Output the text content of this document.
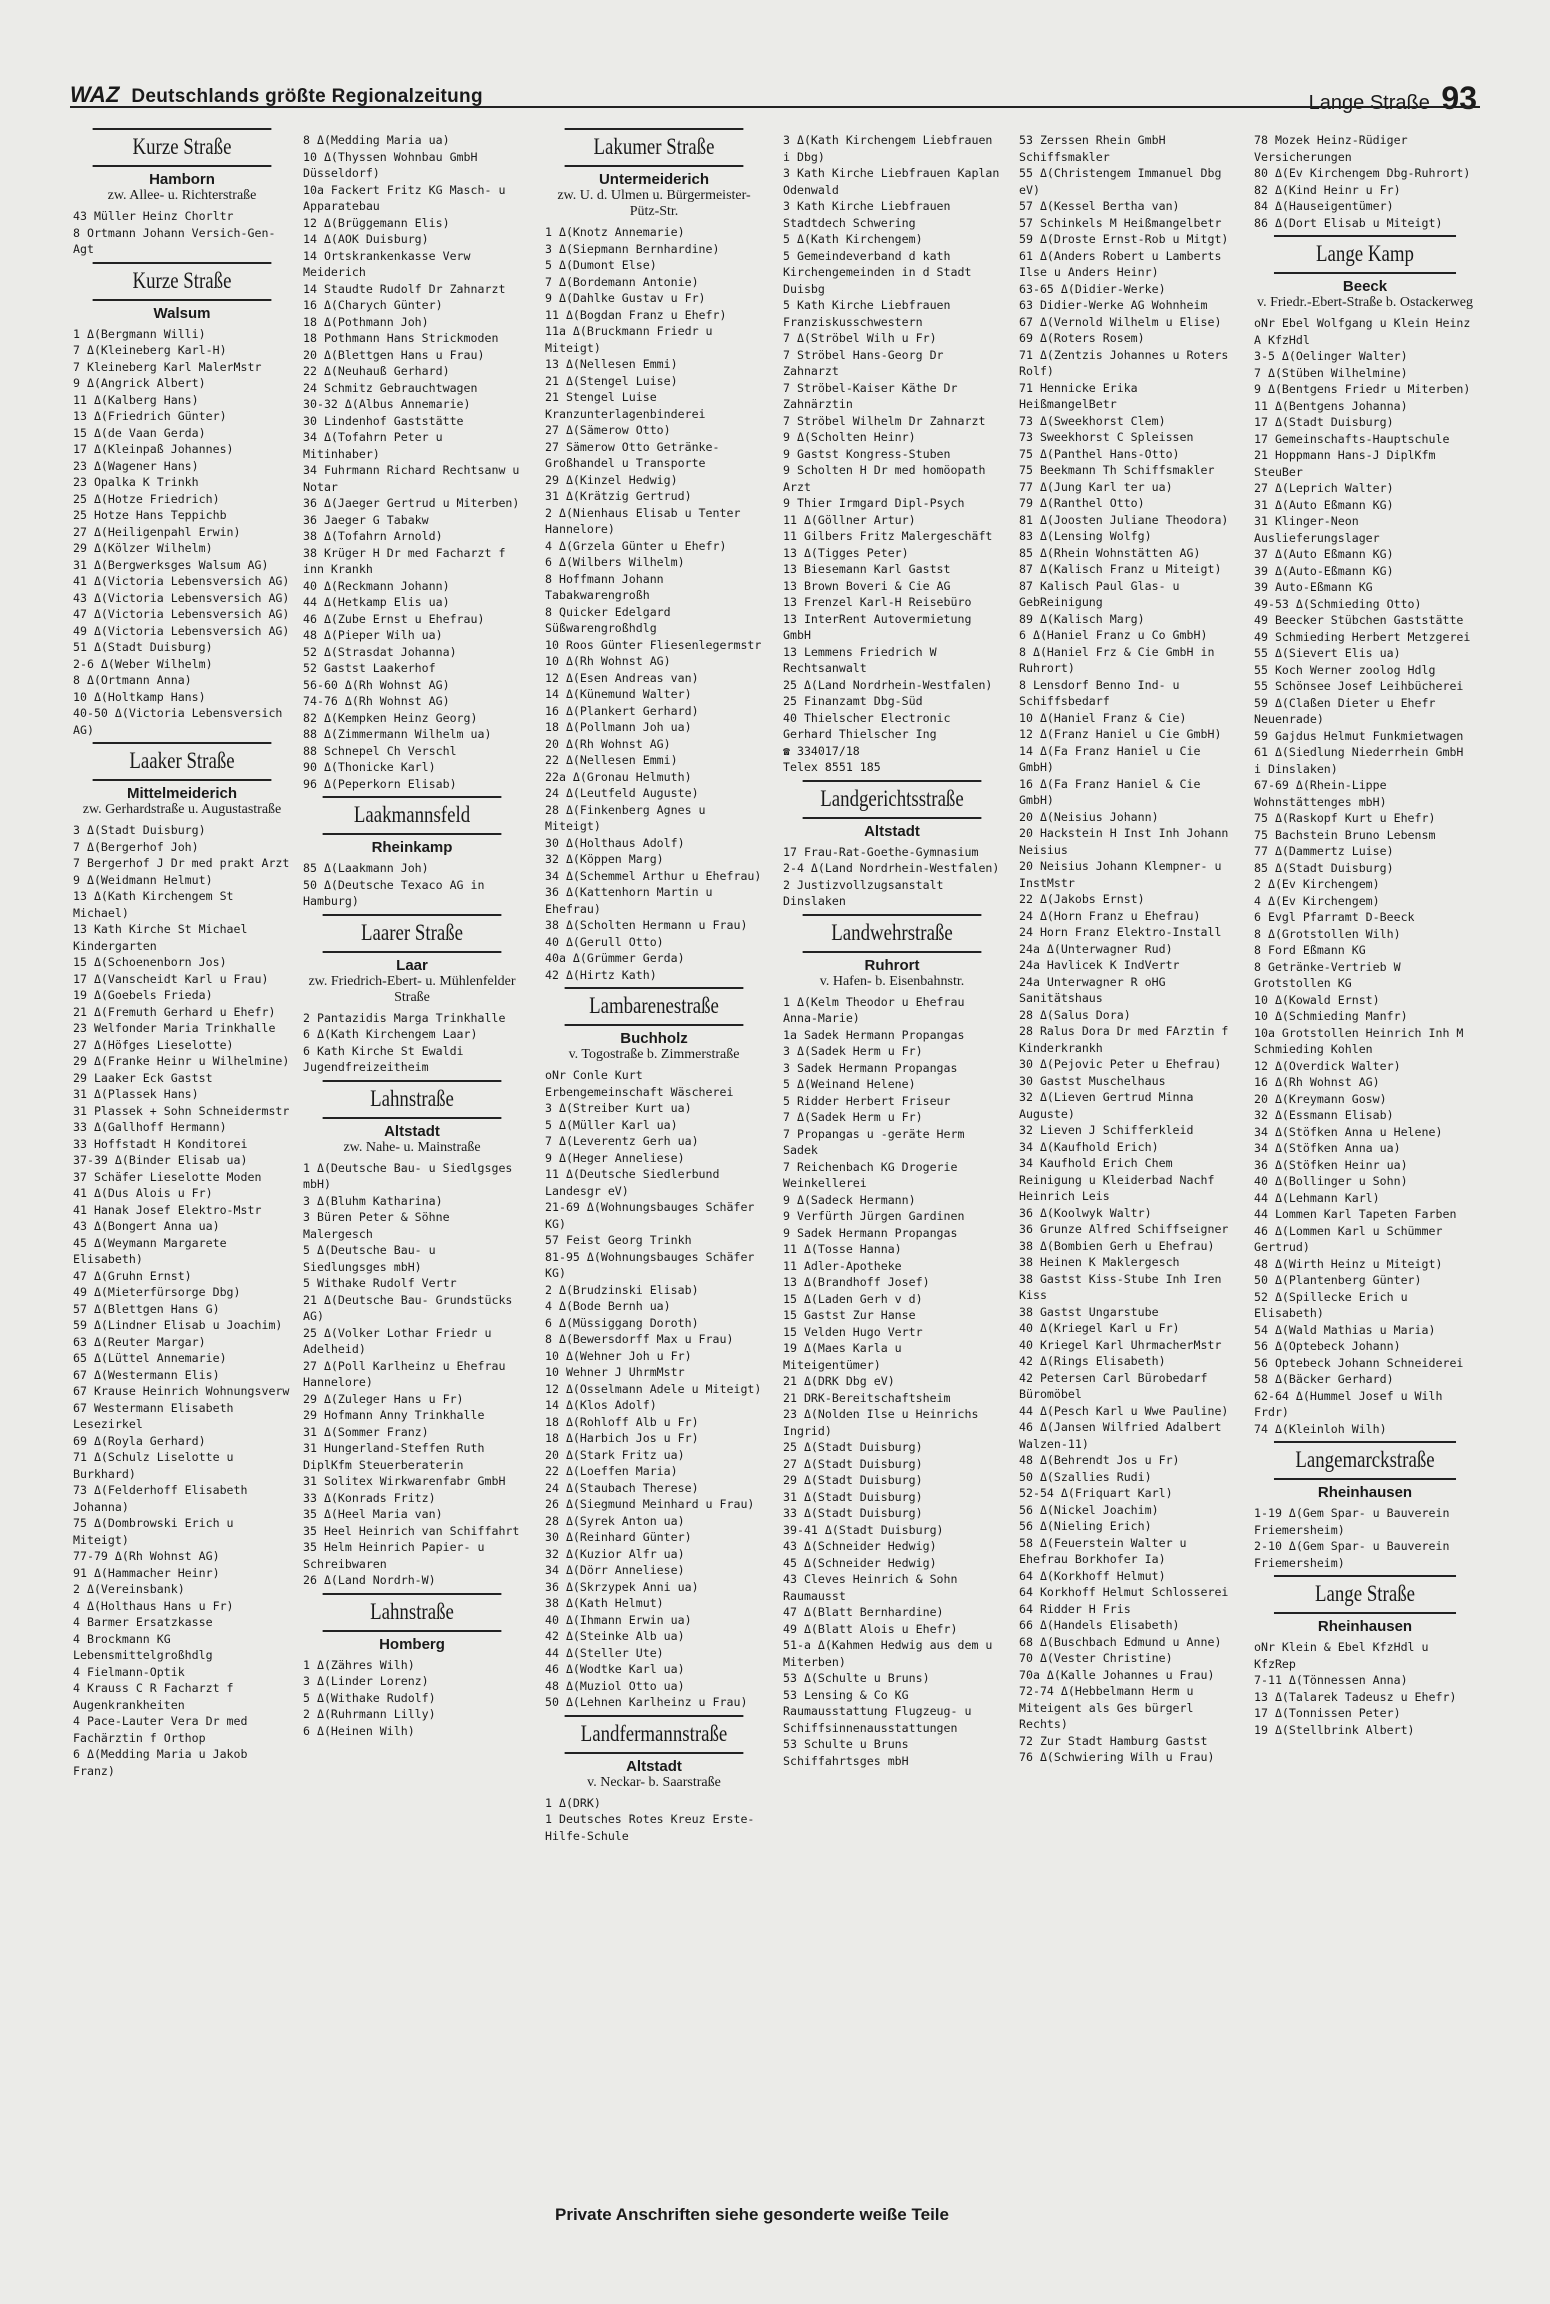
WAZ Deutschlands größte Regionalzeitung	Lange Straße 93
Kurze Straße
Hamborn
zw. Allee- u. Richterstraße
43 Müller Heinz Chorltr
8 Ortmann Johann Versich-Gen-Agt
Kurze Straße
Walsum
1 Δ(Bergmann Willi)
7 Δ(Kleineberg Karl-H)
7 Kleineberg Karl MalerMstr
9 Δ(Angrick Albert)
11 Δ(Kalberg Hans)
13 Δ(Friedrich Günter)
15 Δ(de Vaan Gerda)
17 Δ(Kleinpaß Johannes)
23 Δ(Wagener Hans)
23 Opalka K Trinkh
25 Δ(Hotze Friedrich)
25 Hotze Hans Teppichb
27 Δ(Heiligenpahl Erwin)
29 Δ(Kölzer Wilhelm)
31 Δ(Bergwerksges Walsum AG)
41 Δ(Victoria Lebensversich AG)
43 Δ(Victoria Lebensversich AG)
47 Δ(Victoria Lebensversich AG)
49 Δ(Victoria Lebensversich AG)
51 Δ(Stadt Duisburg)
2-6 Δ(Weber Wilhelm)
8 Δ(Ortmann Anna)
10 Δ(Holtkamp Hans)
40-50 Δ(Victoria Lebensversich AG)
Laaker Straße
Mittelmeiderich
zw. Gerhardstraße u. Augustastraße
3 Δ(Stadt Duisburg)
7 Δ(Bergerhof Joh)
7 Bergerhof J Dr med prakt Arzt
9 Δ(Weidmann Helmut)
13 Δ(Kath Kirchengem St Michael)
13 Kath Kirche St Michael Kindergarten
15 Δ(Schoenenborn Jos)
17 Δ(Vanscheidt Karl u Frau)
19 Δ(Goebels Frieda)
21 Δ(Fremuth Gerhard u Ehefr)
23 Welfonder Maria Trinkhalle
27 Δ(Höfges Lieselotte)
29 Δ(Franke Heinr u Wilhelmine)
29 Laaker Eck Gastst
31 Δ(Plassek Hans)
31 Plassek + Sohn Schneidermstr
33 Δ(Gallhoff Hermann)
33 Hoffstadt H Konditorei
37-39 Δ(Binder Elisab ua)
37 Schäfer Lieselotte Moden
41 Δ(Dus Alois u Fr)
41 Hanak Josef Elektro-Mstr
43 Δ(Bongert Anna ua)
45 Δ(Weymann Margarete Elisabeth)
47 Δ(Gruhn Ernst)
49 Δ(Mieterfürsorge Dbg)
57 Δ(Blettgen Hans G)
59 Δ(Lindner Elisab u Joachim)
63 Δ(Reuter Margar)
65 Δ(Lüttel Annemarie)
67 Δ(Westermann Elis)
67 Krause Heinrich Wohnungsverw
67 Westermann Elisabeth Lesezirkel
69 Δ(Royla Gerhard)
71 Δ(Schulz Liselotte u Burkhard)
73 Δ(Felderhoff Elisabeth Johanna)
75 Δ(Dombrowski Erich u Miteigt)
77-79 Δ(Rh Wohnst AG)
91 Δ(Hammacher Heinr)
2 Δ(Vereinsbank)
4 Δ(Holthaus Hans u Fr)
4 Barmer Ersatzkasse
4 Brockmann KG Lebensmittelgroßhdlg
4 Fielmann-Optik
4 Krauss C R Facharzt f Augenkrankheiten
4 Pace-Lauter Vera Dr med Fachärztin f Orthop
6 Δ(Medding Maria u Jakob Franz)
8 Δ(Medding Maria ua)
10 Δ(Thyssen Wohnbau GmbH Düsseldorf)
10a Fackert Fritz KG Masch- u Apparatebau
12 Δ(Brüggemann Elis)
14 Δ(AOK Duisburg)
14 Ortskrankenkasse Verw Meiderich
14 Staudte Rudolf Dr Zahnarzt
16 Δ(Charych Günter)
18 Δ(Pothmann Joh)
18 Pothmann Hans Strickmoden
20 Δ(Blettgen Hans u Frau)
22 Δ(Neuhauß Gerhard)
24 Schmitz Gebrauchtwagen
30-32 Δ(Albus Annemarie)
30 Lindenhof Gaststätte
34 Δ(Tofahrn Peter u Mitinhaber)
34 Fuhrmann Richard Rechtsanw u Notar
36 Δ(Jaeger Gertrud u Miterben)
36 Jaeger G Tabakw
38 Δ(Tofahrn Arnold)
38 Krüger H Dr med Facharzt f inn Krankh
40 Δ(Reckmann Johann)
44 Δ(Hetkamp Elis ua)
46 Δ(Zube Ernst u Ehefrau)
48 Δ(Pieper Wilh ua)
52 Δ(Strasdat Johanna)
52 Gastst Laakerhof
56-60 Δ(Rh Wohnst AG)
74-76 Δ(Rh Wohnst AG)
82 Δ(Kempken Heinz Georg)
88 Δ(Zimmermann Wilhelm ua)
88 Schnepel Ch Verschl
90 Δ(Thonicke Karl)
96 Δ(Peperkorn Elisab)
Laakmannsfeld
Rheinkamp
85 Δ(Laakmann Joh)
50 Δ(Deutsche Texaco AG in Hamburg)
Laarer Straße
Laar
zw. Friedrich-Ebert- u. Mühlenfelder Straße
2 Pantazidis Marga Trinkhalle
6 Δ(Kath Kirchengem Laar)
6 Kath Kirche St Ewaldi Jugendfreizeitheim
Lahnstraße
Altstadt
zw. Nahe- u. Mainstraße
1 Δ(Deutsche Bau- u Siedlgsges mbH)
3 Δ(Bluhm Katharina)
3 Büren Peter & Söhne Malergesch
5 Δ(Deutsche Bau- u Siedlungsges mbH)
5 Withake Rudolf Vertr
21 Δ(Deutsche Bau- Grundstücks AG)
25 Δ(Volker Lothar Friedr u Adelheid)
27 Δ(Poll Karlheinz u Ehefrau Hannelore)
29 Δ(Zuleger Hans u Fr)
29 Hofmann Anny Trinkhalle
31 Δ(Sommer Franz)
31 Hungerland-Steffen Ruth DiplKfm Steuerberaterin
31 Solitex Wirkwarenfabr GmbH
33 Δ(Konrads Fritz)
35 Δ(Heel Maria van)
35 Heel Heinrich van Schiffahrt
35 Helm Heinrich Papier- u Schreibwaren
26 Δ(Land Nordrh-W)
Lahnstraße
Homberg
1 Δ(Zähres Wilh)
3 Δ(Linder Lorenz)
5 Δ(Withake Rudolf)
2 Δ(Ruhrmann Lilly)
6 Δ(Heinen Wilh)
Lakumer Straße
Untermeiderich
zw. U. d. Ulmen u. Bürgermeister-Pütz-Str.
1 Δ(Knotz Annemarie)
3 Δ(Siepmann Bernhardine)
5 Δ(Dumont Else)
7 Δ(Bordemann Antonie)
9 Δ(Dahlke Gustav u Fr)
11 Δ(Bogdan Franz u Ehefr)
11a Δ(Bruckmann Friedr u Miteigt)
13 Δ(Nellesen Emmi)
21 Δ(Stengel Luise)
21 Stengel Luise Kranzunterlagenbinderei
27 Δ(Sämerow Otto)
27 Sämerow Otto Getränke-Großhandel u Transporte
29 Δ(Kinzel Hedwig)
31 Δ(Krätzig Gertrud)
2 Δ(Nienhaus Elisab u Tenter Hannelore)
4 Δ(Grzela Günter u Ehefr)
6 Δ(Wilbers Wilhelm)
8 Hoffmann Johann Tabakwarengroßh
8 Quicker Edelgard Süßwarengroßhdlg
10 Roos Günter Fliesenlegermstr
10 Δ(Rh Wohnst AG)
12 Δ(Esen Andreas van)
14 Δ(Künemund Walter)
16 Δ(Plankert Gerhard)
18 Δ(Pollmann Joh ua)
20 Δ(Rh Wohnst AG)
22 Δ(Nellesen Emmi)
22a Δ(Gronau Helmuth)
24 Δ(Leutfeld Auguste)
28 Δ(Finkenberg Agnes u Miteigt)
30 Δ(Holthaus Adolf)
32 Δ(Köppen Marg)
34 Δ(Schemmel Arthur u Ehefrau)
36 Δ(Kattenhorn Martin u Ehefrau)
38 Δ(Scholten Hermann u Frau)
40 Δ(Gerull Otto)
40a Δ(Grümmer Gerda)
42 Δ(Hirtz Kath)
Lambarenestraße
Buchholz
v. Togostraße b. Zimmerstraße
oNr Conle Kurt Erbengemeinschaft Wäscherei
3 Δ(Streiber Kurt ua)
5 Δ(Müller Karl ua)
7 Δ(Leverentz Gerh ua)
9 Δ(Heger Anneliese)
11 Δ(Deutsche Siedlerbund Landesgr eV)
21-69 Δ(Wohnungsbauges Schäfer KG)
57 Feist Georg Trinkh
81-95 Δ(Wohnungsbauges Schäfer KG)
2 Δ(Brudzinski Elisab)
4 Δ(Bode Bernh ua)
6 Δ(Müssiggang Doroth)
8 Δ(Bewersdorff Max u Frau)
10 Δ(Wehner Joh u Fr)
10 Wehner J UhrmMstr
12 Δ(Osselmann Adele u Miteigt)
14 Δ(Klos Adolf)
18 Δ(Rohloff Alb u Fr)
18 Δ(Harbich Jos u Fr)
20 Δ(Stark Fritz ua)
22 Δ(Loeffen Maria)
24 Δ(Staubach Therese)
26 Δ(Siegmund Meinhard u Frau)
28 Δ(Syrek Anton ua)
30 Δ(Reinhard Günter)
32 Δ(Kuzior Alfr ua)
34 Δ(Dörr Anneliese)
36 Δ(Skrzypek Anni ua)
38 Δ(Kath Helmut)
40 Δ(Ihmann Erwin ua)
42 Δ(Steinke Alb ua)
44 Δ(Steller Ute)
46 Δ(Wodtke Karl ua)
48 Δ(Muziol Otto ua)
50 Δ(Lehnen Karlheinz u Frau)
Landfermannstraße
Altstadt
v. Neckar- b. Saarstraße
1 Δ(DRK)
1 Deutsches Rotes Kreuz Erste-Hilfe-Schule
3 Δ(Kath Kirchengem Liebfrauen i Dbg)
3 Kath Kirche Liebfrauen Kaplan Odenwald
3 Kath Kirche Liebfrauen Stadtdech Schwering
5 Δ(Kath Kirchengem)
5 Gemeindeverband d kath Kirchengemeinden in d Stadt Duisbg
5 Kath Kirche Liebfrauen Franziskusschwestern
7 Δ(Ströbel Wilh u Fr)
7 Ströbel Hans-Georg Dr Zahnarzt
7 Ströbel-Kaiser Käthe Dr Zahnärztin
7 Ströbel Wilhelm Dr Zahnarzt
9 Δ(Scholten Heinr)
9 Gastst Kongress-Stuben
9 Scholten H Dr med homöopath Arzt
9 Thier Irmgard Dipl-Psych
11 Δ(Göllner Artur)
11 Gilbers Fritz Malergeschäft
13 Δ(Tigges Peter)
13 Biesemann Karl Gastst
13 Brown Boveri & Cie AG
13 Frenzel Karl-H Reisebüro
13 InterRent Autovermietung GmbH
13 Lemmens Friedrich W Rechtsanwalt
25 Δ(Land Nordrhein-Westfalen)
25 Finanzamt Dbg-Süd
40 Thielscher Electronic Gerhard Thielscher Ing
☎ 334017/18
Telex 8551 185
Landgerichtsstraße
Altstadt
17 Frau-Rat-Goethe-Gymnasium
2-4 Δ(Land Nordrhein-Westfalen)
2 Justizvollzugsanstalt Dinslaken
Landwehrstraße
Ruhrort
v. Hafen- b. Eisenbahnstr.
1 Δ(Kelm Theodor u Ehefrau Anna-Marie)
1a Sadek Hermann Propangas
3 Δ(Sadek Herm u Fr)
3 Sadek Hermann Propangas
5 Δ(Weinand Helene)
5 Ridder Herbert Friseur
7 Δ(Sadek Herm u Fr)
7 Propangas u -geräte Herm Sadek
7 Reichenbach KG Drogerie Weinkellerei
9 Δ(Sadeck Hermann)
9 Verfürth Jürgen Gardinen
9 Sadek Hermann Propangas
11 Δ(Tosse Hanna)
11 Adler-Apotheke
13 Δ(Brandhoff Josef)
15 Δ(Laden Gerh v d)
15 Gastst Zur Hanse
15 Velden Hugo Vertr
19 Δ(Maes Karla u Miteigentümer)
21 Δ(DRK Dbg eV)
21 DRK-Bereitschaftsheim
23 Δ(Nolden Ilse u Heinrichs Ingrid)
25 Δ(Stadt Duisburg)
27 Δ(Stadt Duisburg)
29 Δ(Stadt Duisburg)
31 Δ(Stadt Duisburg)
33 Δ(Stadt Duisburg)
39-41 Δ(Stadt Duisburg)
43 Δ(Schneider Hedwig)
45 Δ(Schneider Hedwig)
43 Cleves Heinrich & Sohn Raumausst
47 Δ(Blatt Bernhardine)
49 Δ(Blatt Alois u Ehefr)
51-a Δ(Kahmen Hedwig aus dem u Miterben)
53 Δ(Schulte u Bruns)
53 Lensing & Co KG Raumausstattung Flugzeug- u Schiffsinnenausstattungen
53 Schulte u Bruns Schiffahrtsges mbH
53 Zerssen Rhein GmbH Schiffsmakler
55 Δ(Christengem Immanuel Dbg eV)
57 Δ(Kessel Bertha van)
57 Schinkels M Heißmangelbetr
59 Δ(Droste Ernst-Rob u Mitgt)
61 Δ(Anders Robert u Lamberts Ilse u Anders Heinr)
63-65 Δ(Didier-Werke)
63 Didier-Werke AG Wohnheim
67 Δ(Vernold Wilhelm u Elise)
69 Δ(Roters Rosem)
71 Δ(Zentzis Johannes u Roters Rolf)
71 Hennicke Erika HeißmangelBetr
73 Δ(Sweekhorst Clem)
73 Sweekhorst C Spleissen
75 Δ(Panthel Hans-Otto)
75 Beekmann Th Schiffsmakler
77 Δ(Jung Karl ter ua)
79 Δ(Ranthel Otto)
81 Δ(Joosten Juliane Theodora)
83 Δ(Lensing Wolfg)
85 Δ(Rhein Wohnstätten AG)
87 Δ(Kalisch Franz u Miteigt)
87 Kalisch Paul Glas- u GebReinigung
89 Δ(Kalisch Marg)
6 Δ(Haniel Franz u Co GmbH)
8 Δ(Haniel Frz & Cie GmbH in Ruhrort)
8 Lensdorf Benno Ind- u Schiffsbedarf
10 Δ(Haniel Franz & Cie)
12 Δ(Franz Haniel u Cie GmbH)
14 Δ(Fa Franz Haniel u Cie GmbH)
16 Δ(Fa Franz Haniel & Cie GmbH)
20 Δ(Neisius Johann)
20 Hackstein H Inst Inh Johann Neisius
20 Neisius Johann Klempner- u InstMstr
22 Δ(Jakobs Ernst)
24 Δ(Horn Franz u Ehefrau)
24 Horn Franz Elektro-Install
24a Δ(Unterwagner Rud)
24a Havlicek K IndVertr
24a Unterwagner R oHG Sanitätshaus
28 Δ(Salus Dora)
28 Ralus Dora Dr med FArztin f Kinderkrankh
30 Δ(Pejovic Peter u Ehefrau)
30 Gastst Muschelhaus
32 Δ(Lieven Gertrud Minna Auguste)
32 Lieven J Schifferkleid
34 Δ(Kaufhold Erich)
34 Kaufhold Erich Chem Reinigung u Kleiderbad Nachf Heinrich Leis
36 Δ(Koolwyk Waltr)
36 Grunze Alfred Schiffseigner
38 Δ(Bombien Gerh u Ehefrau)
38 Heinen K Maklergesch
38 Gastst Kiss-Stube Inh Iren Kiss
38 Gastst Ungarstube
40 Δ(Kriegel Karl u Fr)
40 Kriegel Karl UhrmacherMstr
42 Δ(Rings Elisabeth)
42 Petersen Carl Bürobedarf Büromöbel
44 Δ(Pesch Karl u Wwe Pauline)
46 Δ(Jansen Wilfried Adalbert Walzen-11)
48 Δ(Behrendt Jos u Fr)
50 Δ(Szallies Rudi)
52-54 Δ(Friquart Karl)
56 Δ(Nickel Joachim)
56 Δ(Nieling Erich)
58 Δ(Feuerstein Walter u Ehefrau Borkhofer Ia)
64 Δ(Korkhoff Helmut)
64 Korkhoff Helmut Schlosserei
64 Ridder H Fris
66 Δ(Handels Elisabeth)
68 Δ(Buschbach Edmund u Anne)
70 Δ(Vester Christine)
70a Δ(Kalle Johannes u Frau)
72-74 Δ(Hebbelmann Herm u Miteigent als Ges bürgerl Rechts)
72 Zur Stadt Hamburg Gastst
76 Δ(Schwiering Wilh u Frau)
78 Mozek Heinz-Rüdiger Versicherungen
80 Δ(Ev Kirchengem Dbg-Ruhrort)
82 Δ(Kind Heinr u Fr)
84 Δ(Hauseigentümer)
86 Δ(Dort Elisab u Miteigt)
Lange Kamp
Beeck
v. Friedr.-Ebert-Straße b. Ostackerweg
oNr Ebel Wolfgang u Klein Heinz A KfzHdl
3-5 Δ(Oelinger Walter)
7 Δ(Stüben Wilhelmine)
9 Δ(Bentgens Friedr u Miterben)
11 Δ(Bentgens Johanna)
17 Δ(Stadt Duisburg)
17 Gemeinschafts-Hauptschule
21 Hoppmann Hans-J DiplKfm SteuBer
27 Δ(Leprich Walter)
31 Δ(Auto Eßmann KG)
31 Klinger-Neon Auslieferungslager
37 Δ(Auto Eßmann KG)
39 Δ(Auto-Eßmann KG)
39 Auto-Eßmann KG
49-53 Δ(Schmieding Otto)
49 Beecker Stübchen Gaststätte
49 Schmieding Herbert Metzgerei
55 Δ(Sievert Elis ua)
55 Koch Werner zoolog Hdlg
55 Schönsee Josef Leihbücherei
59 Δ(Claßen Dieter u Ehefr Neuenrade)
59 Gajdus Helmut Funkmietwagen
61 Δ(Siedlung Niederrhein GmbH i Dinslaken)
67-69 Δ(Rhein-Lippe Wohnstättenges mbH)
75 Δ(Raskopf Kurt u Ehefr)
75 Bachstein Bruno Lebensm
77 Δ(Dammertz Luise)
85 Δ(Stadt Duisburg)
2 Δ(Ev Kirchengem)
4 Δ(Ev Kirchengem)
6 Evgl Pfarramt D-Beeck
8 Δ(Grotstollen Wilh)
8 Ford Eßmann KG
8 Getränke-Vertrieb W Grotstollen KG
10 Δ(Kowald Ernst)
10 Δ(Schmieding Manfr)
10a Grotstollen Heinrich Inh M Schmieding Kohlen
12 Δ(Overdick Walter)
16 Δ(Rh Wohnst AG)
20 Δ(Kreymann Gosw)
32 Δ(Essmann Elisab)
34 Δ(Stöfken Anna u Helene)
34 Δ(Stöfken Anna ua)
36 Δ(Stöfken Heinr ua)
40 Δ(Bollinger u Sohn)
44 Δ(Lehmann Karl)
44 Lommen Karl Tapeten Farben
46 Δ(Lommen Karl u Schümmer Gertrud)
48 Δ(Wirth Heinz u Miteigt)
50 Δ(Plantenberg Günter)
52 Δ(Spillecke Erich u Elisabeth)
54 Δ(Wald Mathias u Maria)
56 Δ(Optebeck Johann)
56 Optebeck Johann Schneiderei
58 Δ(Bäcker Gerhard)
62-64 Δ(Hummel Josef u Wilh Frdr)
74 Δ(Kleinloh Wilh)
Langemarckstraße
Rheinhausen
1-19 Δ(Gem Spar- u Bauverein Friemersheim)
2-10 Δ(Gem Spar- u Bauverein Friemersheim)
Lange Straße
Rheinhausen
oNr Klein & Ebel KfzHdl u KfzRep
7-11 Δ(Tönnessen Anna)
13 Δ(Talarek Tadeusz u Ehefr)
17 Δ(Tonnissen Peter)
19 Δ(Stellbrink Albert)
Private Anschriften siehe gesonderte weiße Teile
